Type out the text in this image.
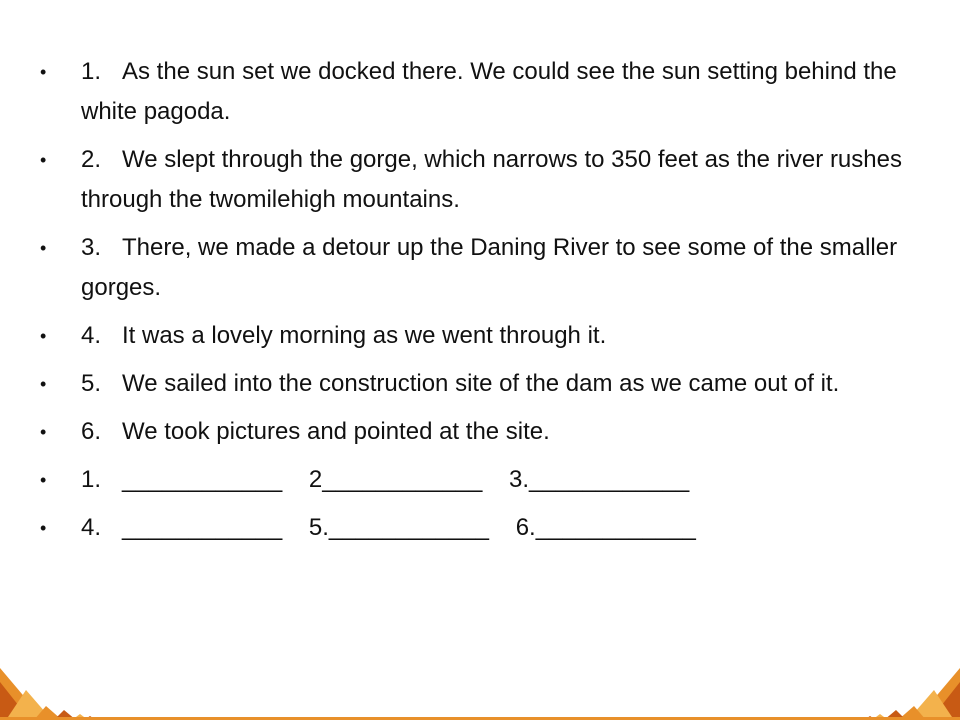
•	1. As the sun set we docked there. We could see the sun setting behind the white pagoda.
•	2. We slept through the gorge, which narrows to 350 feet as the river rushes through the twomilehigh mountains.
•	3. There, we made a detour up the Daning River to see some of the smaller gorges.
•	4. It was a lovely morning as we went through it.
•	5. We sailed into the construction site of the dam as we came out of it.
•	6. We took pictures and pointed at the site.
•	1. ____________    2____________    3.____________
•	4. ____________    5.____________    6.____________
